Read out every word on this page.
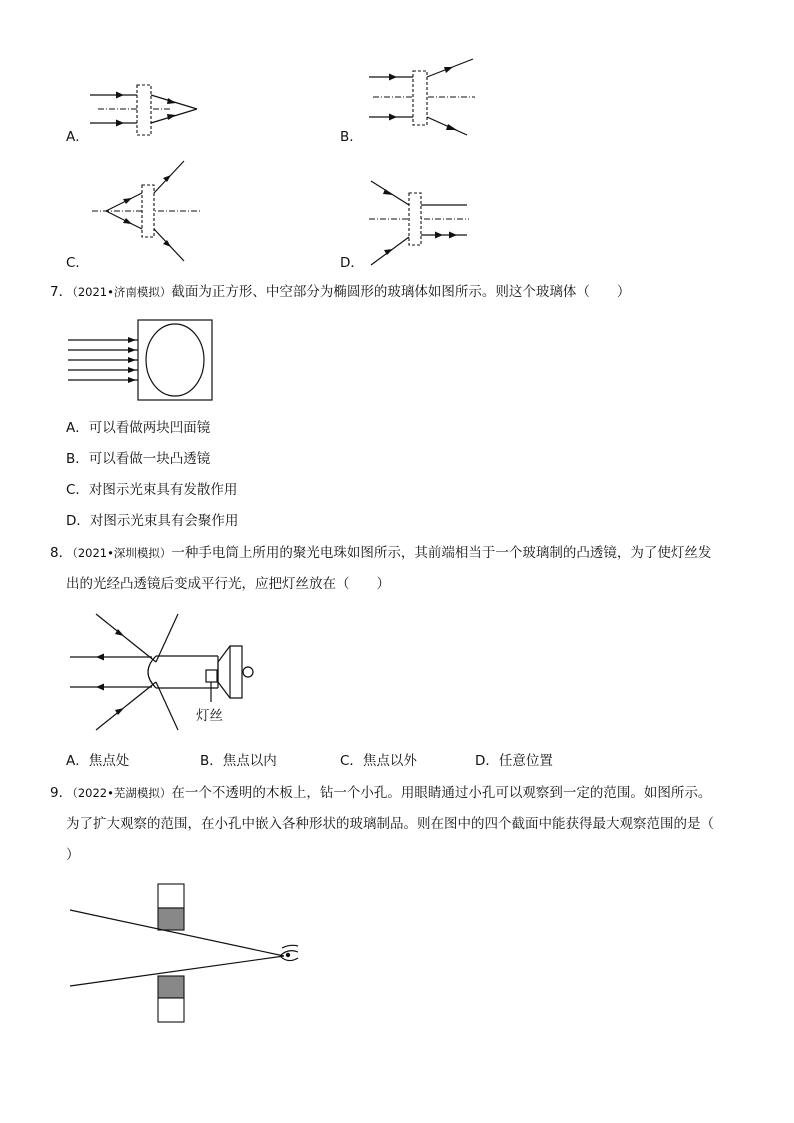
A．	B．
C．	D．
7．（2021•济南模拟）截面为正方形、中空部分为椭圆形的玻璃体如图所示。则这个玻璃体（　　）
A．可以看做两块凹面镜
B．可以看做一块凸透镜
C．对图示光束具有发散作用
D．对图示光束具有会聚作用
8．（2021•深圳模拟）一种手电筒上所用的聚光电珠如图所示，其前端相当于一个玻璃制的凸透镜，为了使灯丝发
出的光经凸透镜后变成平行光，应把灯丝放在（　　）
灯丝
A．焦点处	B．焦点以内	C．焦点以外	D．任意位置
9．（2022•芜湖模拟）在一个不透明的木板上，钻一个小孔。用眼睛通过小孔可以观察到一定的范围。如图所示。
为了扩大观察的范围，在小孔中嵌入各种形状的玻璃制品。则在图中的四个截面中能获得最大观察范围的是（
）
